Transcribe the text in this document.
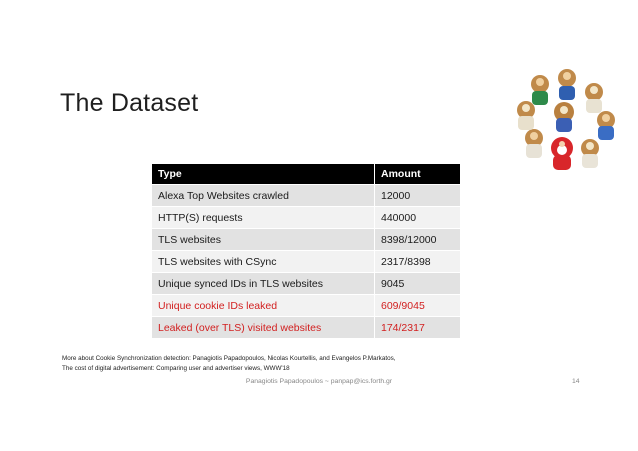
The Dataset
Type	Amount
Alexa Top Websites crawled	12000
HTTP(S) requests	440000
TLS websites	8398/12000
TLS websites with CSync	2317/8398
Unique synced IDs in TLS websites	9045
Unique cookie IDs leaked	609/9045
Leaked (over TLS) visited websites	174/2317
More about Cookie Synchronization detection: Panagiotis Papadopoulos, Nicolas Kourtellis, and Evangelos P.Markatos,
The cost of digital advertisement: Comparing user and advertiser views, WWW'18
Panagiotis Papadopoulos ~ panpap@ics.forth.gr	14
